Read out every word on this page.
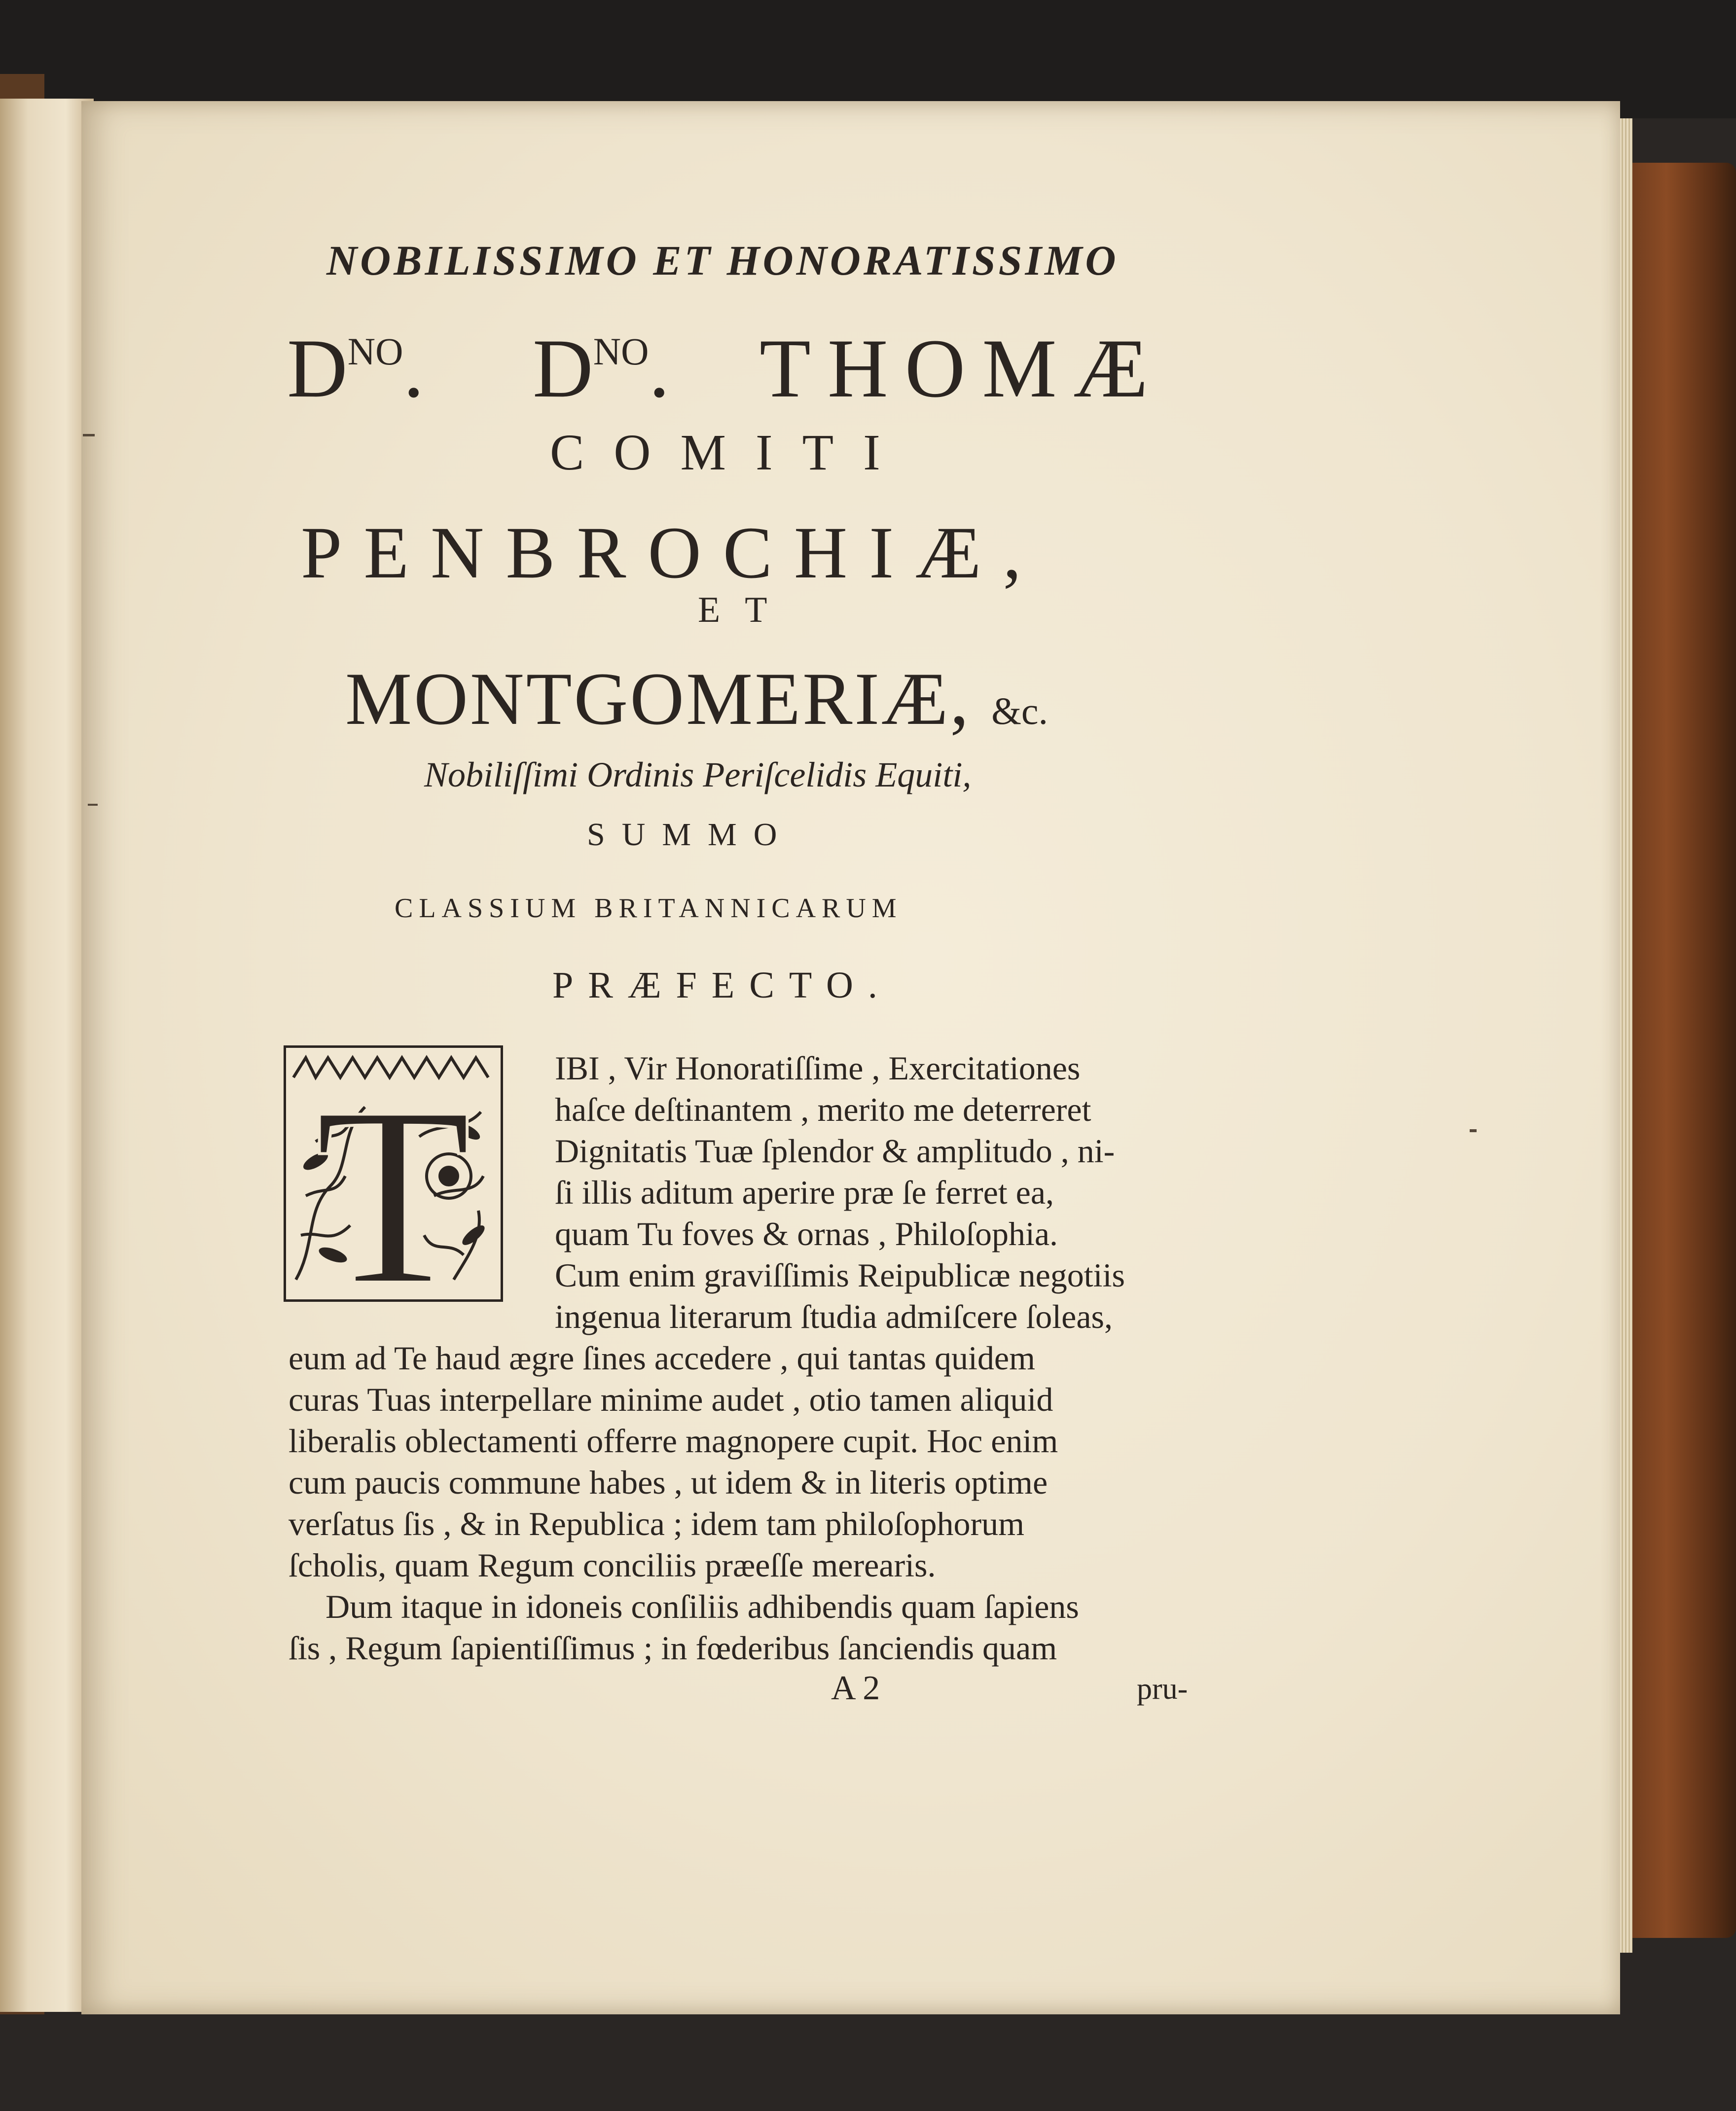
NOBILISSIMO ET HONORATISSIMO
$D^{NO}$. $D^{NO}$. THOMÆ
COMITI
PENBROCHIÆ,
ET
MONTGOMERIÆ, &c.
Nobiliſſimi Ordinis Periſcelidis Equiti,
SUMMO
CLASSIUM BRITANNICARUM
PRÆFECTO.
T IBI , Vir Honoratiſſime , Exercitationes
haſce deſtinantem , merito me deterreret
Dignitatis Tuæ ſplendor & amplitudo , ni-
ſi illis aditum aperire præ ſe ferret ea,
quam Tu foves & ornas , Philoſophia.
Cum enim graviſſimis Reipublicæ negotiis
ingenua literarum ſtudia admiſcere ſoleas,
eum ad Te haud ægre ſines accedere , qui tantas quidem
curas Tuas interpellare minime audet , otio tamen aliquid
liberalis oblectamenti offerre magnopere cupit. Hoc enim
cum paucis commune habes , ut idem & in literis optime
verſatus ſis , & in Republica ; idem tam philoſophorum
ſcholis, quam Regum conciliis præeſſe merearis.
Dum itaque in idoneis conſiliis adhibendis quam ſapiens
ſis , Regum ſapientiſſimus ; in fœderibus ſanciendis quam
A 2	pru-
